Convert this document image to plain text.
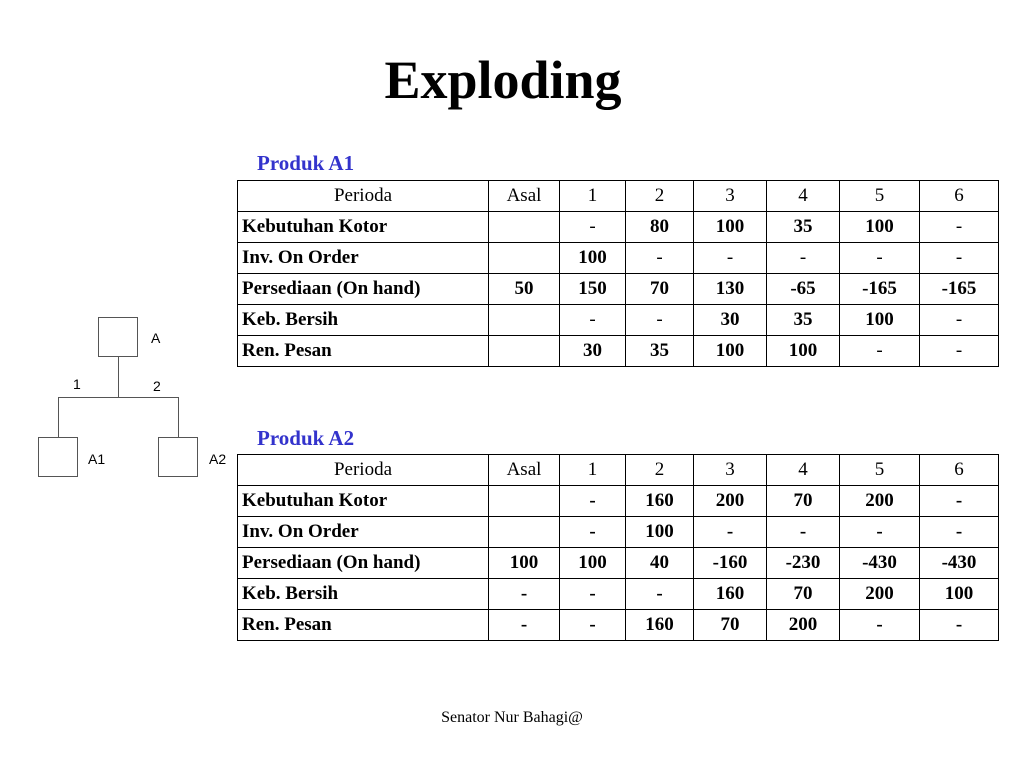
Exploding
A
1	2
A1	A2
Produk A1
Perioda	Asal	1	2	3	4	5	6
Kebutuhan Kotor		-	80	100	35	100	-
Inv. On Order		100	-	-	-	-	-
Persediaan (On hand)	50	150	70	130	-65	-165	-165
Keb. Bersih		-	-	30	35	100	-
Ren. Pesan		30	35	100	100	-	-
Produk A2
Perioda	Asal	1	2	3	4	5	6
Kebutuhan Kotor		-	160	200	70	200	-
Inv. On Order		-	100	-	-	-	-
Persediaan (On hand)	100	100	40	-160	-230	-430	-430
Keb. Bersih	-	-	-	160	70	200	100
Ren. Pesan	-	-	160	70	200	-	-
Senator Nur Bahagi@
